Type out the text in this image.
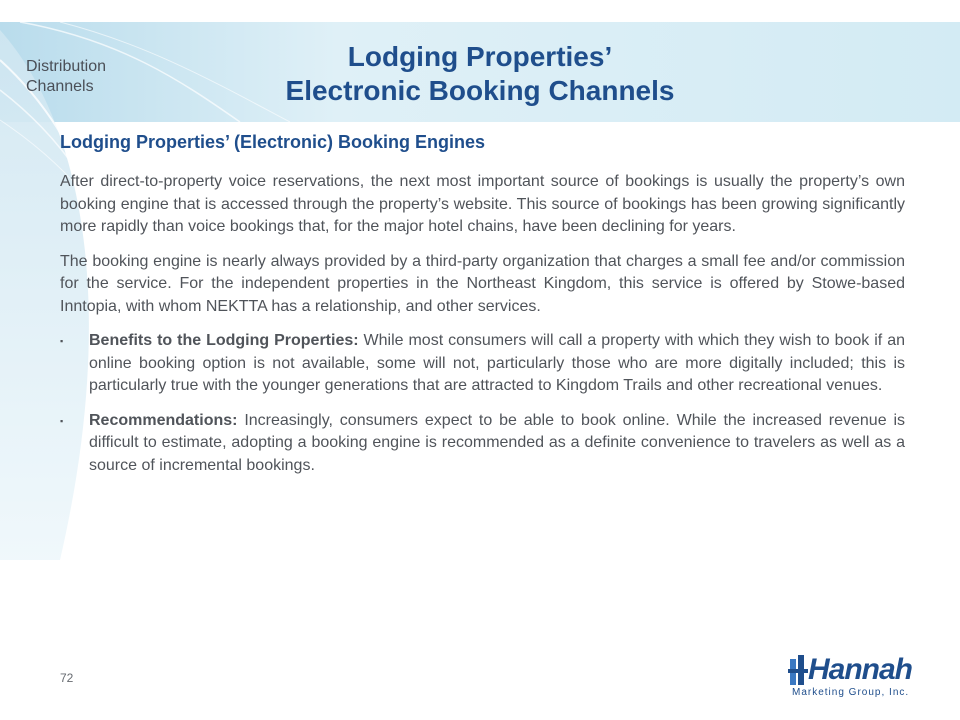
Distribution
Channels
Lodging Properties’
Electronic Booking Channels
Lodging Properties’ (Electronic) Booking Engines

After direct-to-property voice reservations, the next most important source of bookings is usually the property’s own booking engine that is accessed through the property’s website. This source of bookings has been growing significantly more rapidly than voice bookings that, for the major hotel chains, have been declining for years.

The booking engine is nearly always provided by a third-party organization that charges a small fee and/or commission for the service. For the independent properties in the Northeast Kingdom, this service is offered by Stowe-based Inntopia, with whom NEKTTA has a relationship, and other services.

▪ Benefits to the Lodging Properties: While most consumers will call a property with which they wish to book if an online booking option is not available, some will not, particularly those who are more digitally included; this is particularly true with the younger generations that are attracted to Kingdom Trails and other recreational venues.
▪ Recommendations: Increasingly, consumers expect to be able to book online. While the increased revenue is difficult to estimate, adopting a booking engine is recommended as a definite convenience to travelers as well as a source of incremental bookings.
72	Hannah
Marketing Group, Inc.
